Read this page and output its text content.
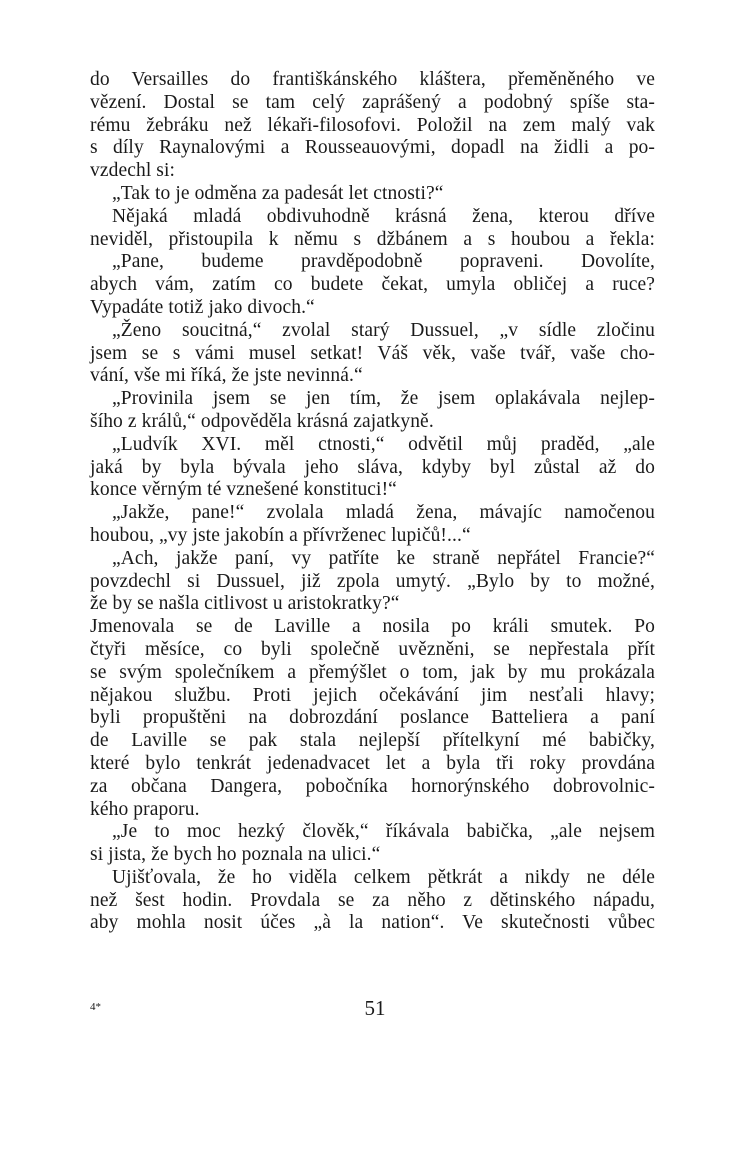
do Versailles do františkánského kláštera, přeměněného ve
vězení. Dostal se tam celý zaprášený a podobný spíše sta-
rému žebráku než lékaři-filosofovi. Položil na zem malý vak
s díly Raynalovými a Rousseauovými, dopadl na židli a po-
vzdechl si:
„Tak to je odměna za padesát let ctnosti?“
Nějaká mladá obdivuhodně krásná žena, kterou dříve
neviděl, přistoupila k němu s džbánem a s houbou a řekla:
„Pane, budeme pravděpodobně popraveni. Dovolíte,
abych vám, zatím co budete čekat, umyla obličej a ruce?
Vypadáte totiž jako divoch.“
„Ženo soucitná,“ zvolal starý Dussuel, „v sídle zločinu
jsem se s vámi musel setkat! Váš věk, vaše tvář, vaše cho-
vání, vše mi říká, že jste nevinná.“
„Provinila jsem se jen tím, že jsem oplakávala nejlep-
šího z králů,“ odpověděla krásná zajatkyně.
„Ludvík XVI. měl ctnosti,“ odvětil můj praděd, „ale
jaká by byla bývala jeho sláva, kdyby byl zůstal až do
konce věrným té vznešené konstituci!“
„Jakže, pane!“ zvolala mladá žena, mávajíc namočenou
houbou, „vy jste jakobín a přívrženec lupičů!...“
„Ach, jakže paní, vy patříte ke straně nepřátel Francie?“
povzdechl si Dussuel, již zpola umytý. „Bylo by to možné,
že by se našla citlivost u aristokratky?“
Jmenovala se de Laville a nosila po králi smutek. Po
čtyři měsíce, co byli společně uvězněni, se nepřestala přít
se svým společníkem a přemýšlet o tom, jak by mu prokázala
nějakou službu. Proti jejich očekávání jim nesťali hlavy;
byli propuštěni na dobrozdání poslance Batteliera a paní
de Laville se pak stala nejlepší přítelkyní mé babičky,
které bylo tenkrát jedenadvacet let a byla tři roky provdána
za občana Dangera, pobočníka hornorýnského dobrovolnic-
kého praporu.
„Je to moc hezký člověk,“ říkávala babička, „ale nejsem
si jista, že bych ho poznala na ulici.“
Ujišťovala, že ho viděla celkem pětkrát a nikdy ne déle
než šest hodin. Provdala se za něho z dětinského nápadu,
aby mohla nosit účes „à la nation“. Ve skutečnosti vůbec
4*	51
